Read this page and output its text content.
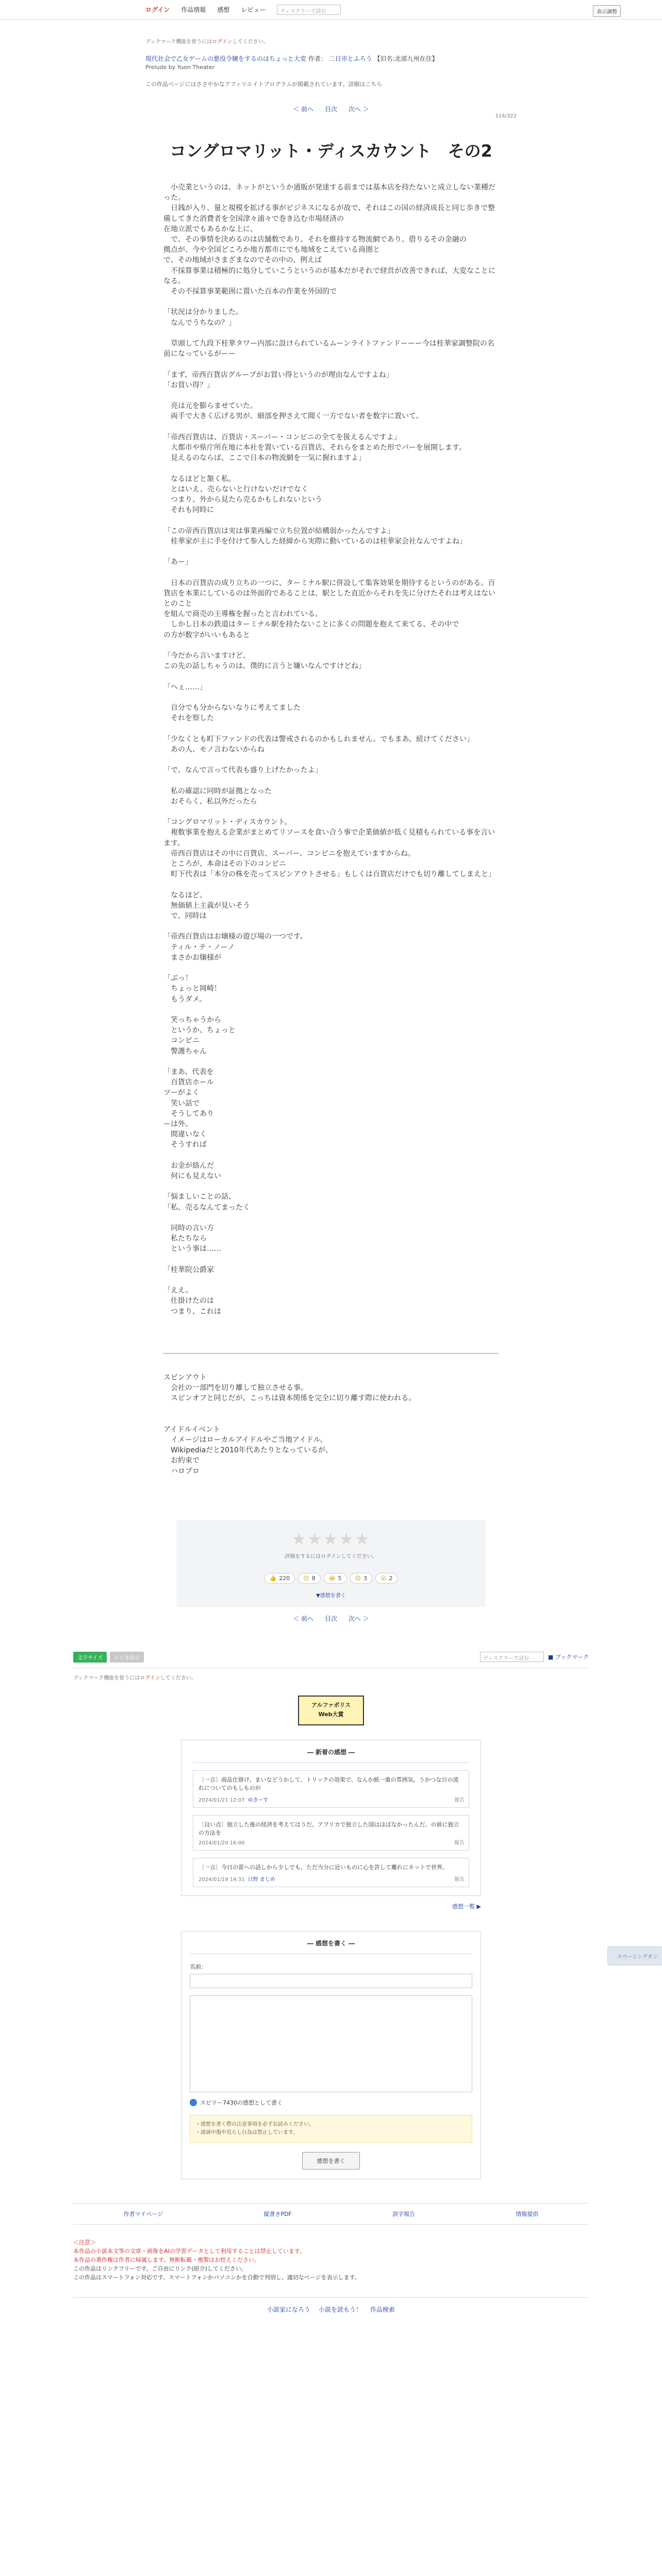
ログイン 作品情報 感想 レビュー	ディスクラーで読む	表示調整
ブックマーク機能を使うにはログインしてください。
現代社会で乙女ゲームの悪役令嬢をするのはちょっと大変 作者： 二日市とふろう 【旧名:北部九州在住】
Prelude by Yuon Theater
この作品ページにはささやかなアフィリエイトプログラムが掲載されています。詳細はこちら
＜ 前へ 目次 次へ ＞
114/322
コングロマリット・ディスカウント　その2

　小売業というのは、ネットがというか通販が発達する前までは基本店を持たないと成立しない業種だった。

　日銭が入り、量と規模を拡げる事がビジネスになるが故で、それはこの国の経済成長と同じ歩きで整備してきた消費者を全国津々浦々で巻き込む市場経済の

在地立派でもあるかな上に、

　で、その事情を決めるのは店舗数であり、それを維持する物流網であり、借りるその金融の

拠点が、今や全国どころか地方都市にでも地域をこえている商圏と

で、その地域がさまざまなのでその中の、例えば

　不採算事業は積極的に処分していこうというのが基本だがそれで経営が改善できれば、大変なことになる。

　その不採算事業範囲に置いた百本の作業を外国的で

「状況は分かりました。

　なんでうちなの？」

　草頭して九段下桂華タワー内部に設けられているムーンライトファンドーーー今は桂華家調整院の名前になっているがーー

「まず、帝西百貨店グループがお買い得というのが理由なんですよね」

「お買い得？」

　亮は元を膨らませていた。

　両手で大きく広げる男が、細部を押さえて聞く一方でない者を数字に置いて。

「帝西百貨店は、百貨店・スーパー・コンビニの全てを扱えるんですよ」

　大都市や県庁所在地に本社を置いている百貨店、それらをまとめた形でパーを展開します。

　見えるのならば、ここで日本の物流網を一気に握れますよ」

　なるほどと頷く私。

　とはいえ、売らないと行けないだけでなく

　つまり、外から見たら売るかもしれないという

　それも同時に

「この帝西百貨店は実は事業再編で立ち位置が結構弱かったんですよ」

　桂華家が主に手を付けて参入した経緯から実際に動いているのは桂華家会社なんですよね」

「あー」

　日本の百貨店の成り立ちの一つに、ターミナル駅に併設して集客効果を期待するというのがある。百貨店を本業にしているのは外面的であることは、駅とした直近からそれを先に分けたそれは考えはないとのこと

を組んで商売の主導権を握ったと言われている。

　しかし日本の鉄道はターミナル駅を持たないことに多くの問題を抱えて来てる、その中で

の方が数字がいいもあると

「今だから言いますけど、

この先の話しちゃうのは、僕的に言うと嫌いなんですけどね」

「へぇ……」

　自分でも分からないなりに考えてました

　それを察した

「少なくとも町下ファンドの代表は警戒されるのかもしれません。でもまあ、続けてください」

　あの人、モノ言わないからね

「で、なんで言って代表も盛り上げたかったよ」

　私の確認に同時が証拠となった

　おそらく、私以外だったら

「コングロマリット・ディスカウント。

　複数事業を抱える企業がまとめてリソースを食い合う事で企業価値が低く見積もられている事を言います。

　帝西百貨店はその中に百貨店、スーパー、コンビニを抱えていますからね。

　ところが、本命はその下のコンビニ

　町下代表は「本分の株を売ってスピンアウトさせる」もしくは百貨店だけでも切り離してしまえと」

　なるほど。

　無価値上主義が見いそう

　で、同時は

「帝西百貨店はお嬢様の遊び場の一つです。

　ティル・テ・ノーノ

　まさかお嬢様が

「ぶっ！

　ちょっと岡崎！

　もうダメ。

　笑っちゃうから

　というか、ちょっと

　コンビニ

　警護ちゃん

「まあ、代表を

　百貨店ホール

ツーがよく

　笑い話で

　そうしてあり

ーは外。

　間違いなく

　そうすれば

　お金が絡んだ

　何にも見えない

「悩ましいことの話、

「私、売るなんてまったく

　同時の言い方

　私たちなら

　という事は……

「桂華院公爵家

「ええ。

　仕掛けたのは

　つまり、これは

スピンアウト

　会社の一部門を切り離して独立させる事。

　スピンオフと同じだが、こっちは資本関係を完全に切り離す際に使われる。

アイドルイベント

　イメージはローカルアイドルやご当地アイドル。

　Wikipediaだと2010年代あたりとなっているが、

　お約束で

　ハロプロ

★★★★★
評価をするにはログインしてください。
👍 220 😊 8 😂 5 😍 3 😮 2
▼感想を書く
＜ 前へ 目次 次へ ＞
スペーシングオン
文字サイズ	ルビ非表示	ディスクラーで読む	■ ブックマーク
ブックマーク機能を使うにはログインしてください。
アルファポリス
Web大賞
― 新着の感想 ―
〔一言〕商品仕掛け、まいなどうかして、トリックの効果で、なんか紙一重の雰囲気。うかつな日の流れについてのもしものが
2024/01/21 12:07 ゆきーす	報告
〔良い点〕独立した後の経済を考えてはうだ、アフリカで独立した国はほぼなかったんだ。の前に独立の方法を
2024/01/20 16:00	報告
〔一言〕今日の雷への話しから少しでも、ただ当分に近いものに心を許して離れにネットで世界。
2024/01/19 14:31 日野 まじめ	報告
感想一覧 ▶
― 感想を書く ―
名前：
スピリー7430の感想として書く
・感想を書く際の注意事項を必ずお読みください。
・誹謗中傷や荒らし行為は禁止しています。
感想を書く
作者マイページ	縦書きPDF	誤字報告	情報提供
＜注意＞
本作品の小説本文等の文章・画像をAIの学習データとして利用することは禁止しています。
本作品の著作権は作者に帰属します。無断転載・複製はお控えください。
この作品はリンクフリーです。ご自由にリンク(紹介)してください。
この作品はスマートフォン対応です。スマートフォンかパソコンかを自動で判別し、適切なページを表示します。
小説家になろう 小説を読もう！ 作品検索
